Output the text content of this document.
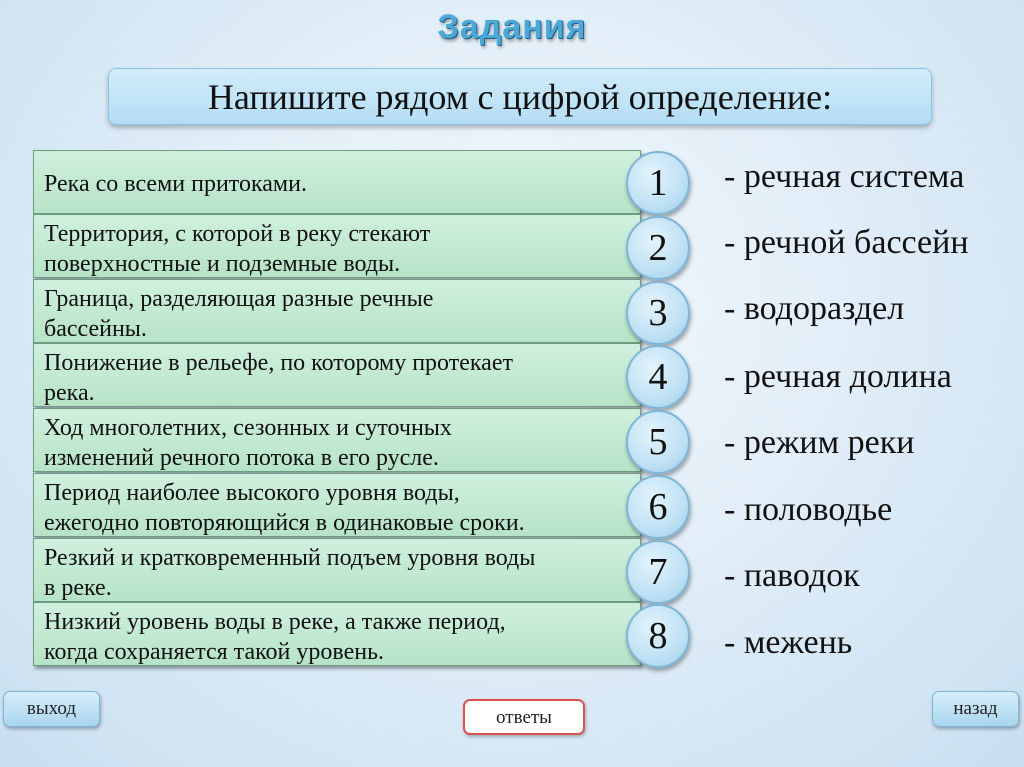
Задания
Напишите рядом с цифрой определение:
Река со всеми притоками.
Территория, с которой в реку стекают
поверхностные и подземные воды.
Граница, разделяющая разные речные
бассейны.
Понижение в рельефе, по которому протекает
река.
Ход многолетних, сезонных и суточных
изменений речного потока в его русле.
Период наиболее высокого уровня воды,
ежегодно повторяющийся в одинаковые сроки.
Резкий и кратковременный подъем уровня воды
в реке.
Низкий уровень воды в реке, а также период,
когда сохраняется такой уровень.
1
2
3
4
5
6
7
8
- речная система
- речной бассейн
- водораздел
- речная долина
- режим реки
- половодье
- паводок
- межень
выход	ответы	назад
